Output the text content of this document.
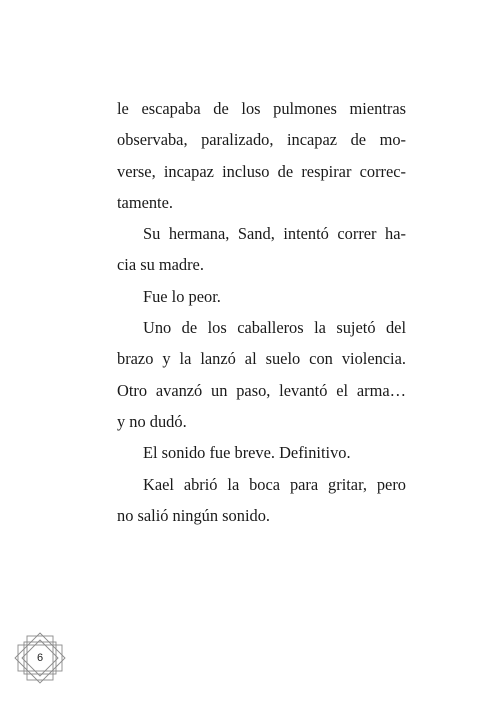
le escapaba de los pulmones mientras
observaba, paralizado, incapaz de mo-
verse, incapaz incluso de respirar correc-
tamente.
Su hermana, Sand, intentó correr ha-
cia su madre.
Fue lo peor.
Uno de los caballeros la sujetó del
brazo y la lanzó al suelo con violencia.
Otro avanzó un paso, levantó el arma…
y no dudó.
El sonido fue breve. Definitivo.
Kael abrió la boca para gritar, pero
no salió ningún sonido.
6
